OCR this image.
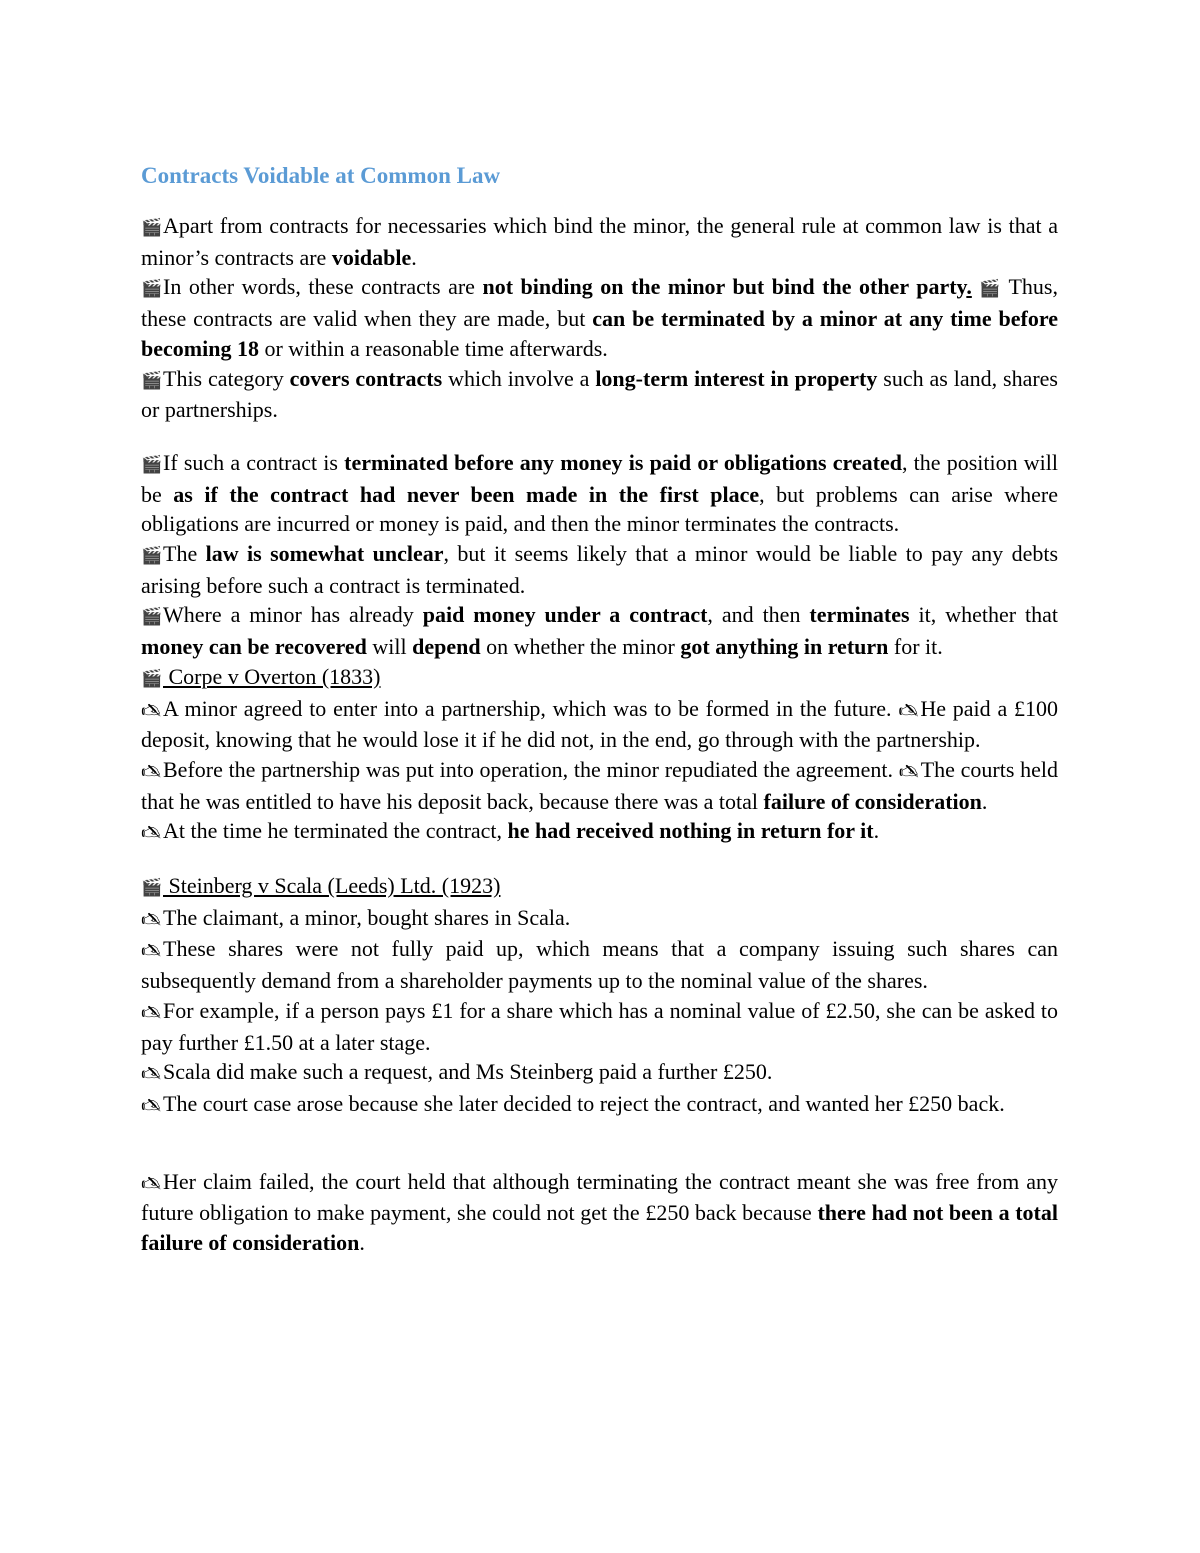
Contracts Voidable at Common Law
🎬Apart from contracts for necessaries which bind the minor, the general rule at common law is that a minor’s contracts are voidable.
🎬In other words, these contracts are not binding on the minor but bind the other party. 🎬 Thus, these contracts are valid when they are made, but can be terminated by a minor at any time before becoming 18 or within a reasonable time afterwards.
🎬This category covers contracts which involve a long-term interest in property such as land, shares or partnerships.
🎬If such a contract is terminated before any money is paid or obligations created, the position will be as if the contract had never been made in the first place, but problems can arise where obligations are incurred or money is paid, and then the minor terminates the contracts.
🎬The law is somewhat unclear, but it seems likely that a minor would be liable to pay any debts arising before such a contract is terminated.
🎬Where a minor has already paid money under a contract, and then terminates it, whether that money can be recovered will depend on whether the minor got anything in return for it.
🎬 Corpe v Overton (1833)
🖎A minor agreed to enter into a partnership, which was to be formed in the future. 🖎He paid a £100 deposit, knowing that he would lose it if he did not, in the end, go through with the partnership.
🖎Before the partnership was put into operation, the minor repudiated the agreement. 🖎The courts held that he was entitled to have his deposit back, because there was a total failure of consideration.
🖎At the time he terminated the contract, he had received nothing in return for it.
🎬 Steinberg v Scala (Leeds) Ltd. (1923)
🖎The claimant, a minor, bought shares in Scala.
🖎These shares were not fully paid up, which means that a company issuing such shares can subsequently demand from a shareholder payments up to the nominal value of the shares.
🖎For example, if a person pays £1 for a share which has a nominal value of £2.50, she can be asked to pay further £1.50 at a later stage.
🖎Scala did make such a request, and Ms Steinberg paid a further £250.
🖎The court case arose because she later decided to reject the contract, and wanted her £250 back.
🖎Her claim failed, the court held that although terminating the contract meant she was free from any future obligation to make payment, she could not get the £250 back because there had not been a total failure of consideration.
